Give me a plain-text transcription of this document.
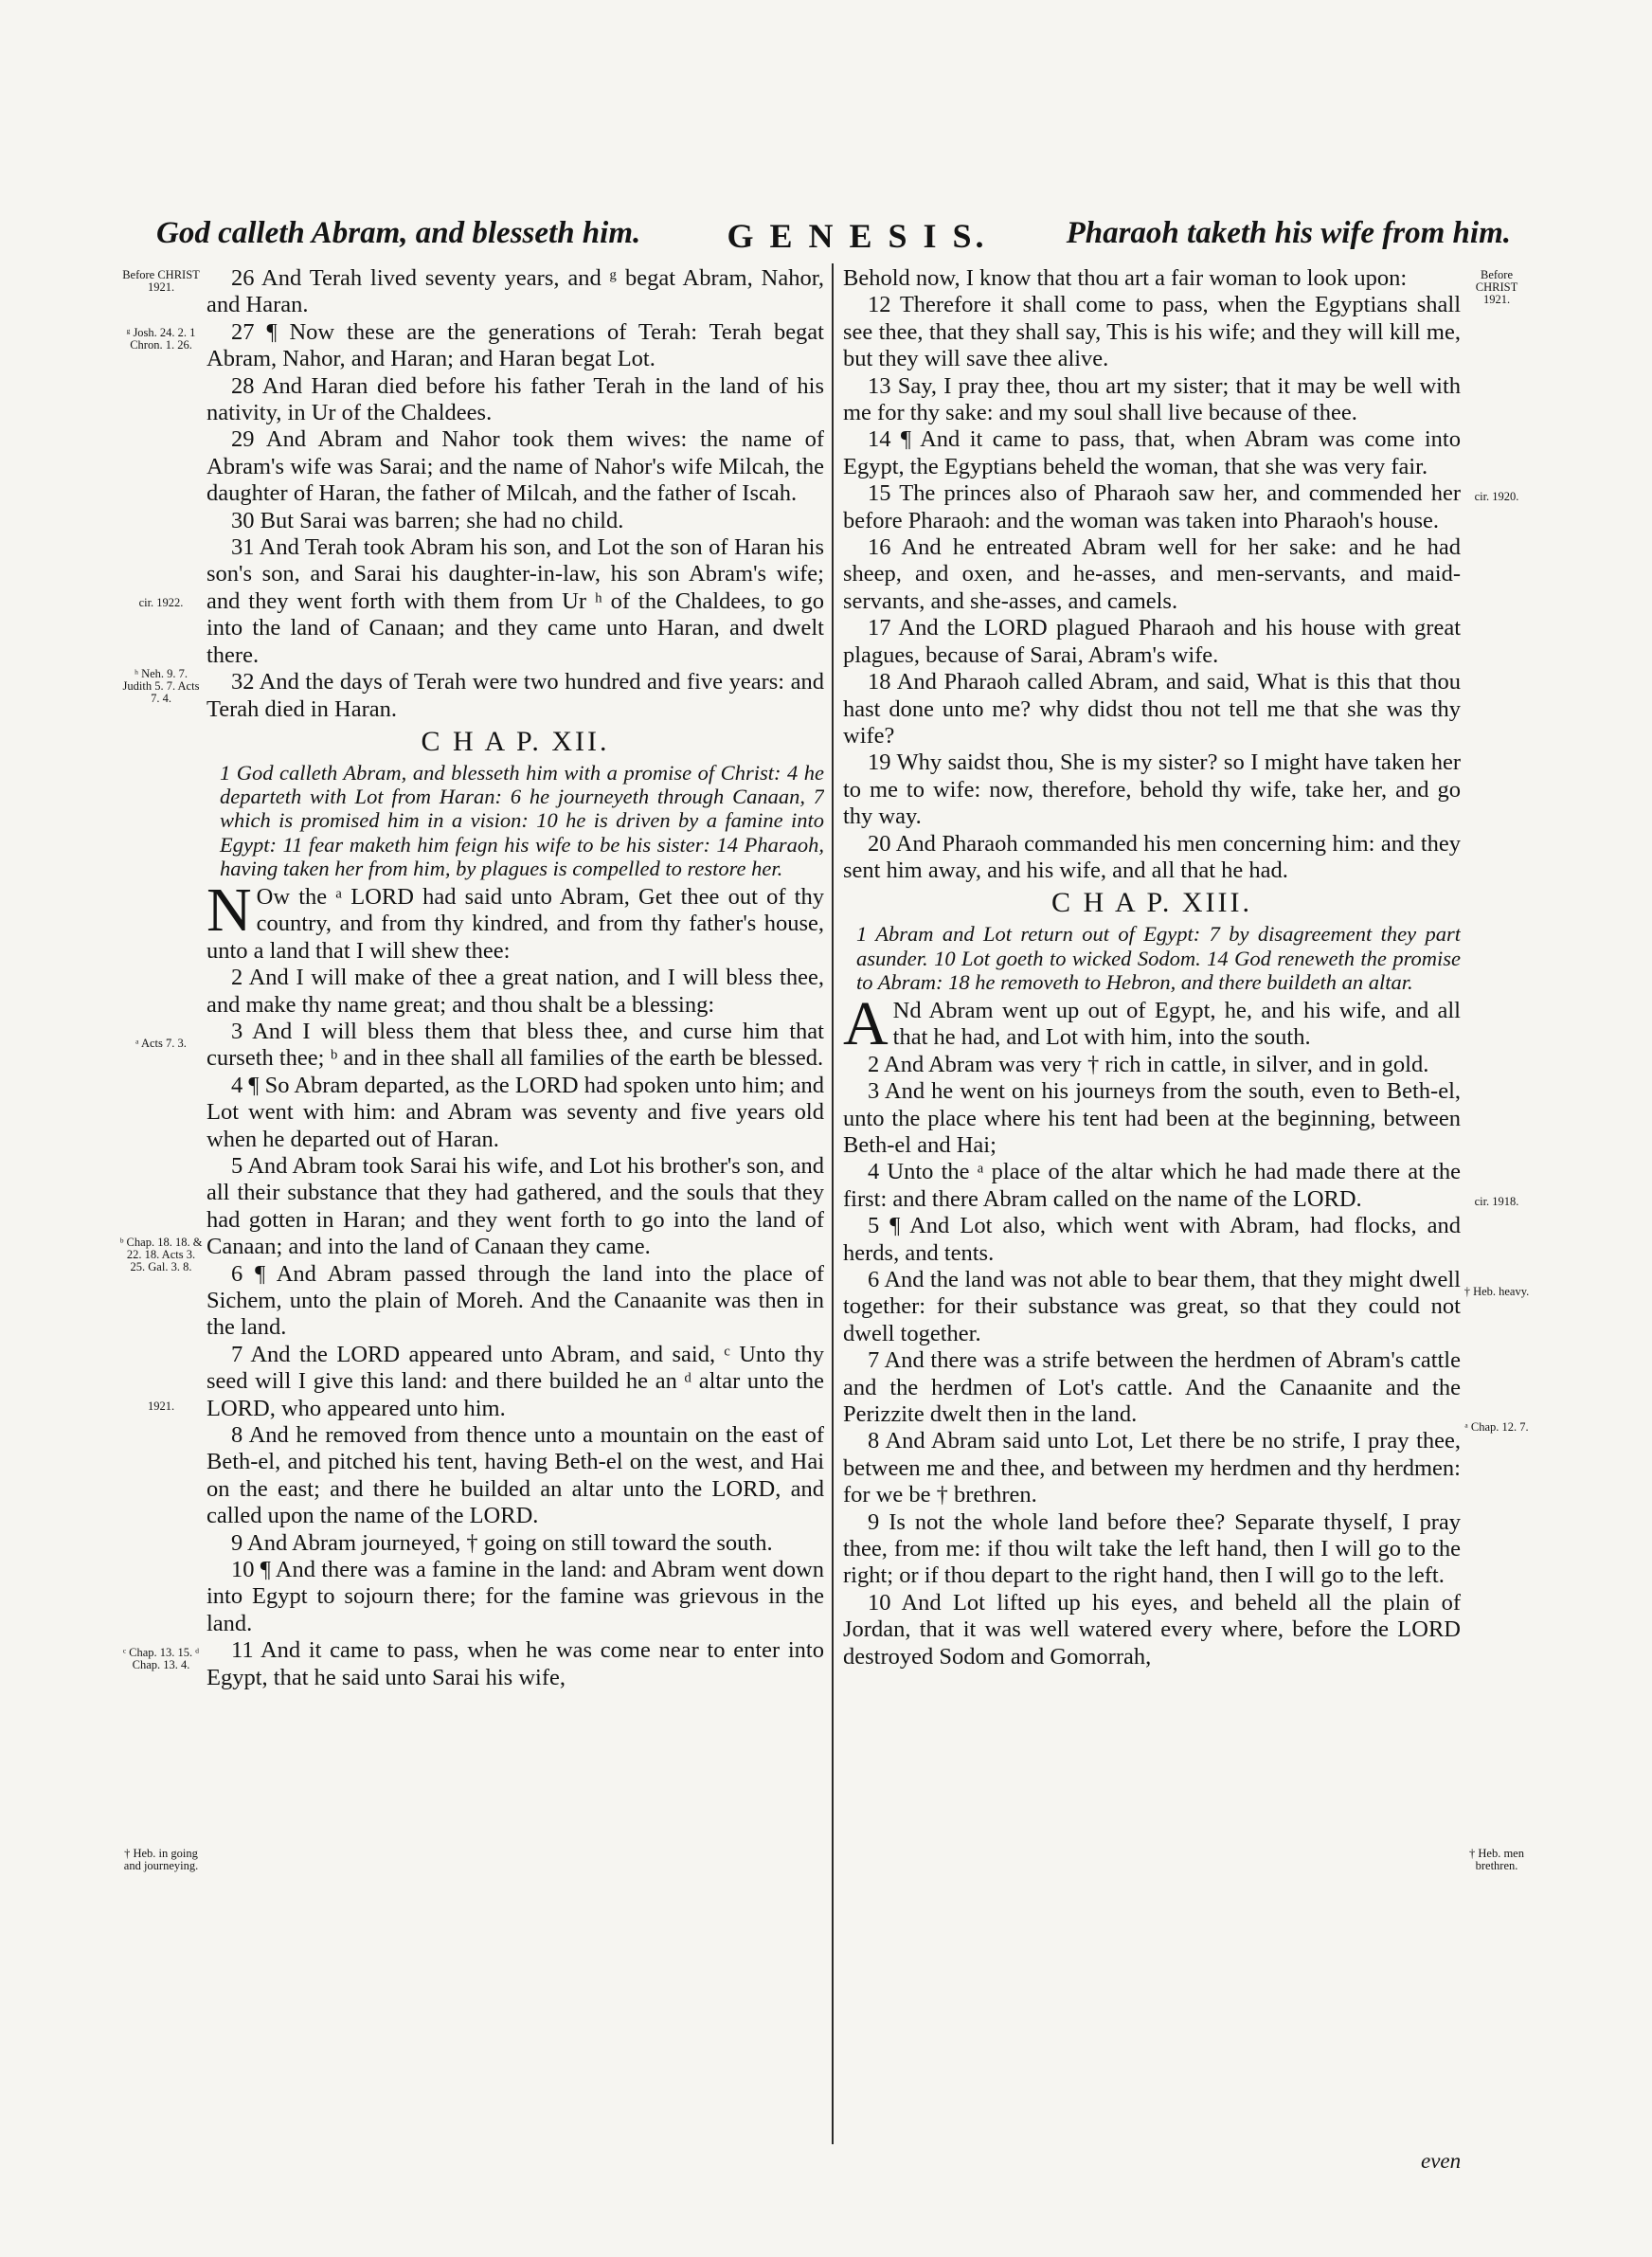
God calleth Abram, and blesseth him.	G E N E S I S.	Pharaoh taketh his wife from him.
Before CHRIST 1921.
ᵍ Josh. 24. 2. 1 Chron. 1. 26.
cir. 1922.
ʰ Neh. 9. 7. Judith 5. 7. Acts 7. 4.
ᵃ Acts 7. 3.
ᵇ Chap. 18. 18. & 22. 18. Acts 3. 25. Gal. 3. 8.
1921.
ᶜ Chap. 13. 15. ᵈ Chap. 13. 4.
† Heb. in going and journeying.
Before CHRIST 1921.
cir. 1920.
cir. 1918.
† Heb. heavy.
ᵃ Chap. 12. 7.
† Heb. men brethren.

26 And Terah lived seventy years, and ᵍ begat Abram, Nahor, and Haran.

27 ¶ Now these are the generations of Terah: Terah begat Abram, Nahor, and Haran; and Haran begat Lot.

28 And Haran died before his father Terah in the land of his nativity, in Ur of the Chaldees.

29 And Abram and Nahor took them wives: the name of Abram's wife was Sarai; and the name of Nahor's wife Milcah, the daughter of Haran, the father of Milcah, and the father of Iscah.

30 But Sarai was barren; she had no child.

31 And Terah took Abram his son, and Lot the son of Haran his son's son, and Sarai his daughter-in-law, his son Abram's wife; and they went forth with them from Ur ʰ of the Chaldees, to go into the land of Canaan; and they came unto Haran, and dwelt there.

32 And the days of Terah were two hundred and five years: and Terah died in Haran.

C H A P. XII.

1 God calleth Abram, and blesseth him with a promise of Christ: 4 he departeth with Lot from Haran: 6 he journeyeth through Canaan, 7 which is promised him in a vision: 10 he is driven by a famine into Egypt: 11 fear maketh him feign his wife to be his sister: 14 Pharaoh, having taken her from him, by plagues is compelled to restore her.

N Ow the ᵃ LORD had said unto Abram, Get thee out of thy country, and from thy kindred, and from thy father's house, unto a land that I will shew thee:

2 And I will make of thee a great nation, and I will bless thee, and make thy name great; and thou shalt be a blessing:

3 And I will bless them that bless thee, and curse him that curseth thee; ᵇ and in thee shall all families of the earth be blessed.

4 ¶ So Abram departed, as the LORD had spoken unto him; and Lot went with him: and Abram was seventy and five years old when he departed out of Haran.

5 And Abram took Sarai his wife, and Lot his brother's son, and all their substance that they had gathered, and the souls that they had gotten in Haran; and they went forth to go into the land of Canaan; and into the land of Canaan they came.

6 ¶ And Abram passed through the land into the place of Sichem, unto the plain of Moreh. And the Canaanite was then in the land.

7 And the LORD appeared unto Abram, and said, ᶜ Unto thy seed will I give this land: and there builded he an ᵈ altar unto the LORD, who appeared unto him.

8 And he removed from thence unto a mountain on the east of Beth-el, and pitched his tent, having Beth-el on the west, and Hai on the east; and there he builded an altar unto the LORD, and called upon the name of the LORD.

9 And Abram journeyed, † going on still toward the south.

10 ¶ And there was a famine in the land: and Abram went down into Egypt to sojourn there; for the famine was grievous in the land.

11 And it came to pass, when he was come near to enter into Egypt, that he said unto Sarai his wife,

Behold now, I know that thou art a fair woman to look upon:

12 Therefore it shall come to pass, when the Egyptians shall see thee, that they shall say, This is his wife; and they will kill me, but they will save thee alive.

13 Say, I pray thee, thou art my sister; that it may be well with me for thy sake: and my soul shall live because of thee.

14 ¶ And it came to pass, that, when Abram was come into Egypt, the Egyptians beheld the woman, that she was very fair.

15 The princes also of Pharaoh saw her, and commended her before Pharaoh: and the woman was taken into Pharaoh's house.

16 And he entreated Abram well for her sake: and he had sheep, and oxen, and he-asses, and men-servants, and maid-servants, and she-asses, and camels.

17 And the LORD plagued Pharaoh and his house with great plagues, because of Sarai, Abram's wife.

18 And Pharaoh called Abram, and said, What is this that thou hast done unto me? why didst thou not tell me that she was thy wife?

19 Why saidst thou, She is my sister? so I might have taken her to me to wife: now, therefore, behold thy wife, take her, and go thy way.

20 And Pharaoh commanded his men concerning him: and they sent him away, and his wife, and all that he had.

C H A P. XIII.

1 Abram and Lot return out of Egypt: 7 by disagreement they part asunder. 10 Lot goeth to wicked Sodom. 14 God reneweth the promise to Abram: 18 he removeth to Hebron, and there buildeth an altar.

A Nd Abram went up out of Egypt, he, and his wife, and all that he had, and Lot with him, into the south.

2 And Abram was very † rich in cattle, in silver, and in gold.

3 And he went on his journeys from the south, even to Beth-el, unto the place where his tent had been at the beginning, between Beth-el and Hai;

4 Unto the ᵃ place of the altar which he had made there at the first: and there Abram called on the name of the LORD.

5 ¶ And Lot also, which went with Abram, had flocks, and herds, and tents.

6 And the land was not able to bear them, that they might dwell together: for their substance was great, so that they could not dwell together.

7 And there was a strife between the herdmen of Abram's cattle and the herdmen of Lot's cattle. And the Canaanite and the Perizzite dwelt then in the land.

8 And Abram said unto Lot, Let there be no strife, I pray thee, between me and thee, and between my herdmen and thy herdmen: for we be † brethren.

9 Is not the whole land before thee? Separate thyself, I pray thee, from me: if thou wilt take the left hand, then I will go to the right; or if thou depart to the right hand, then I will go to the left.

10 And Lot lifted up his eyes, and beheld all the plain of Jordan, that it was well watered every where, before the LORD destroyed Sodom and Gomorrah,

even
